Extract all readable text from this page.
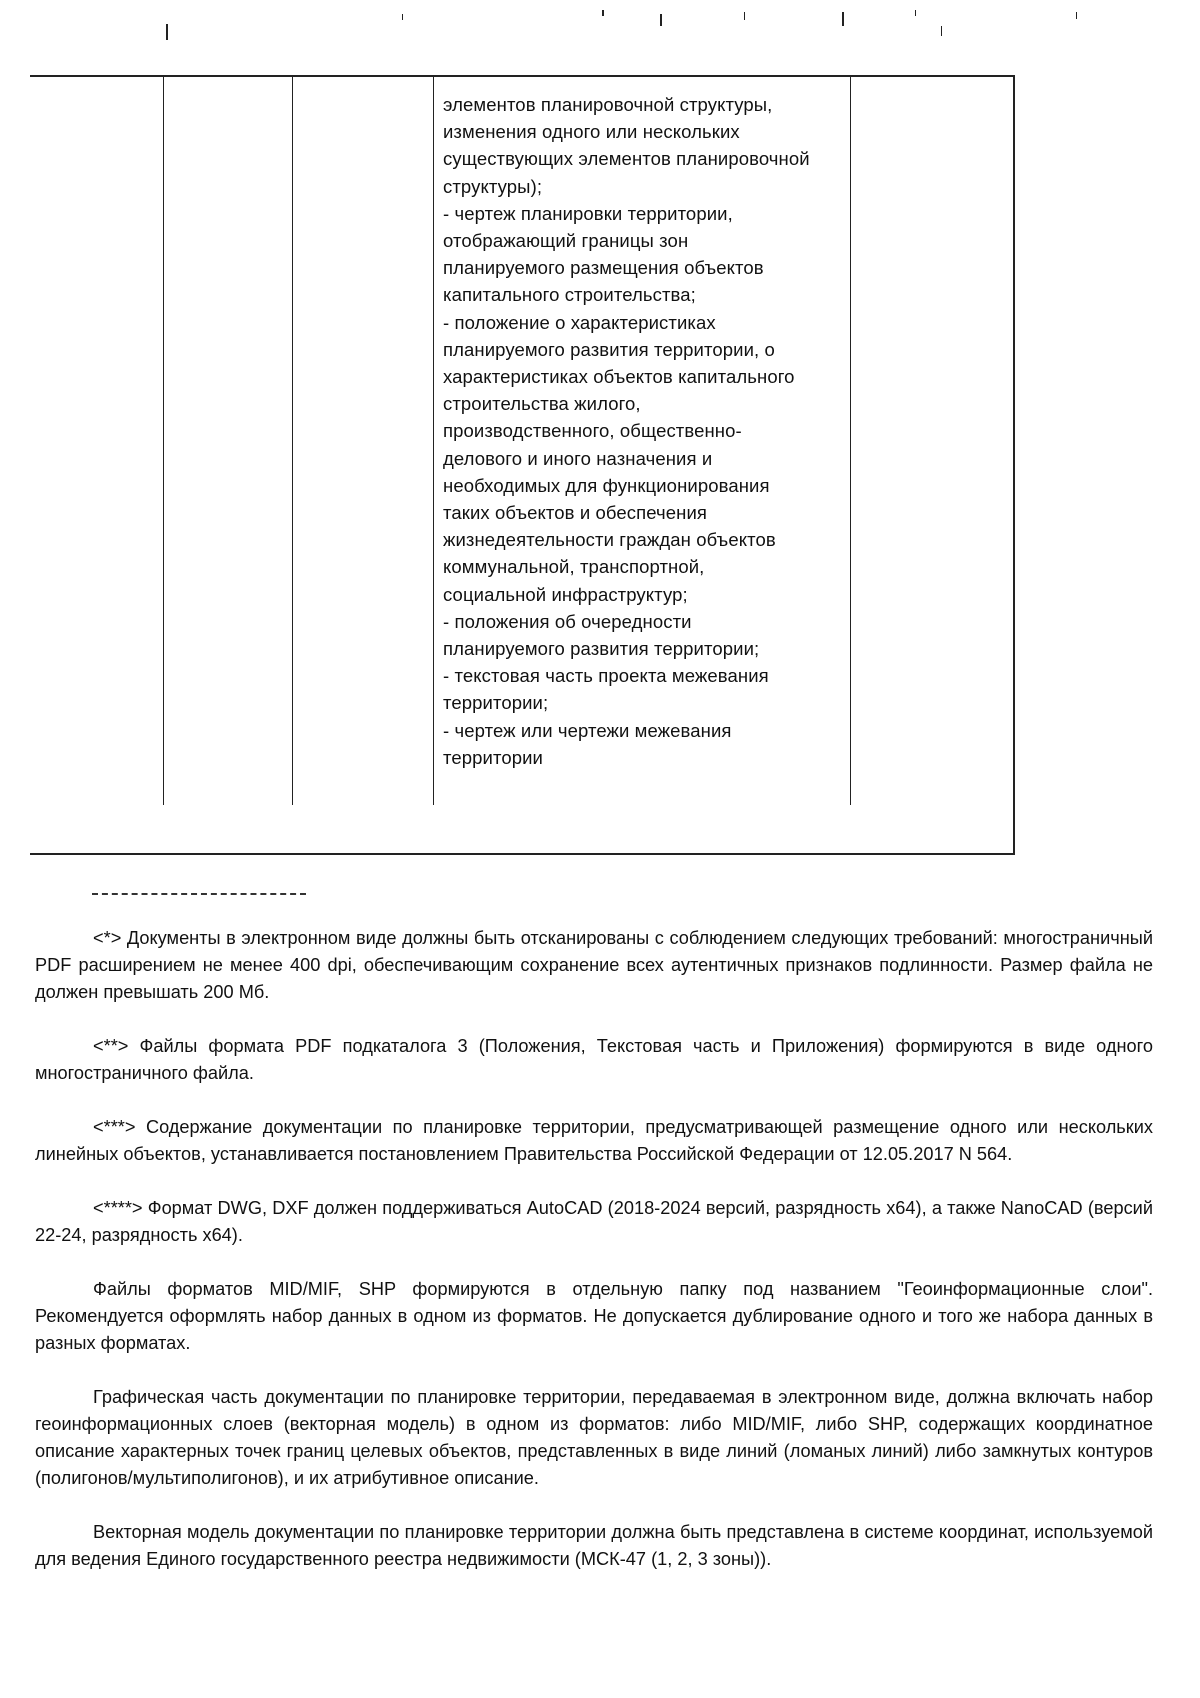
элементов планировочной структуры,
изменения одного или нескольких
существующих элементов планировочной
структуры);
- чертеж планировки территории,
отображающий границы зон
планируемого размещения объектов
капитального строительства;
- положение о характеристиках
планируемого развития территории, о
характеристиках объектов капитального
строительства жилого,
производственного, общественно-
делового и иного назначения и
необходимых для функционирования
таких объектов и обеспечения
жизнедеятельности граждан объектов
коммунальной, транспортной,
социальной инфраструктур;
- положения об очередности
планируемого развития территории;
- текстовая часть проекта межевания
территории;
- чертеж или чертежи межевания
территории

<*> Документы в электронном виде должны быть отсканированы с соблюдением следующих требований: многостраничный PDF расширением не менее 400 dpi, обеспечивающим сохранение всех аутентичных признаков подлинности. Размер файла не должен превышать 200 Мб.

<**> Файлы формата PDF подкаталога 3 (Положения, Текстовая часть и Приложения) формируются в виде одного многостраничного файла.

<***> Содержание документации по планировке территории, предусматривающей размещение одного или нескольких линейных объектов, устанавливается постановлением Правительства Российской Федерации от 12.05.2017 N 564.

<****> Формат DWG, DXF должен поддерживаться AutoCAD (2018-2024 версий, разрядность х64), а также NanoCAD (версий 22-24, разрядность х64).

Файлы форматов MID/MIF, SHP формируются в отдельную папку под названием "Геоинформационные слои". Рекомендуется оформлять набор данных в одном из форматов. Не допускается дублирование одного и того же набора данных в разных форматах.

Графическая часть документации по планировке территории, передаваемая в электронном виде, должна включать набор геоинформационных слоев (векторная модель) в одном из форматов: либо MID/MIF, либо SHP, содержащих координатное описание характерных точек границ целевых объектов, представленных в виде линий (ломаных линий) либо замкнутых контуров (полигонов/мультиполигонов), и их атрибутивное описание.

Векторная модель документации по планировке территории должна быть представлена в системе координат, используемой для ведения Единого государственного реестра недвижимости (МСК-47 (1, 2, 3 зоны)).
